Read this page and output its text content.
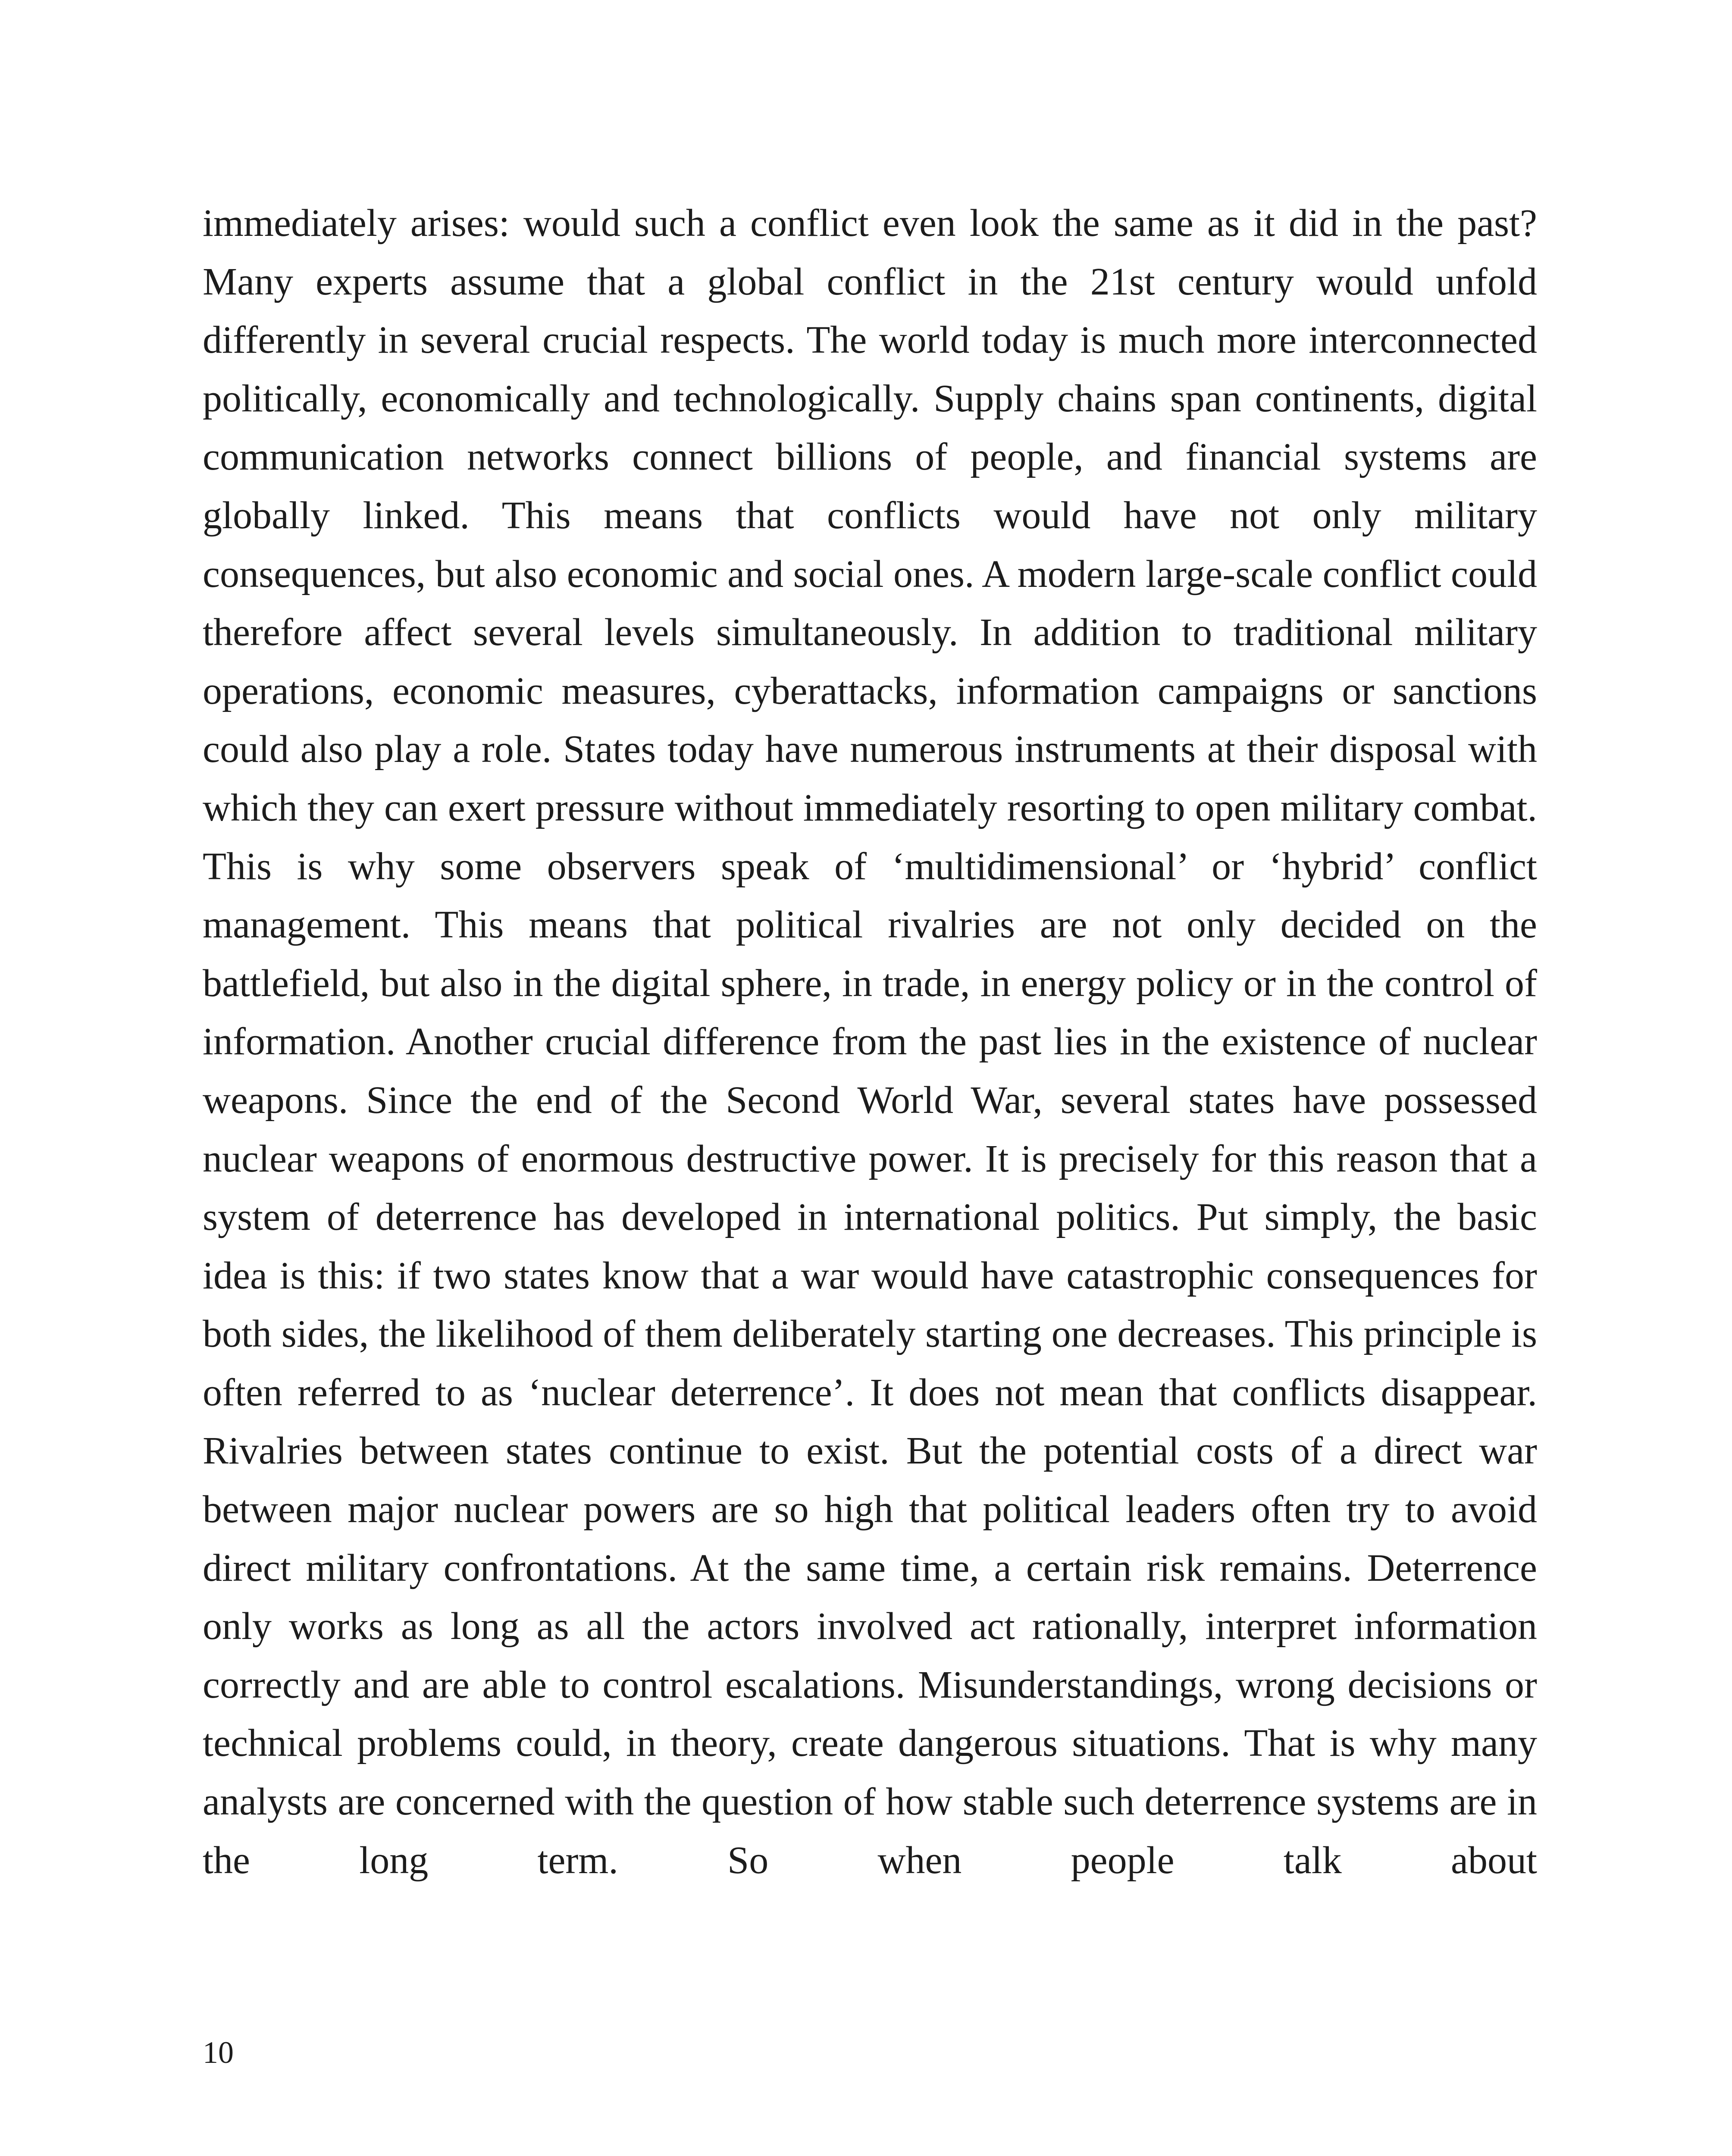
immediately arises: would such a conflict even look the same as it did in the past? Many experts assume that a global conflict in the 21st century would unfold differently in several crucial respects. The world today is much more interconnected politically, economically and technologically. Supply chains span continents, digital communication networks connect billions of people, and financial systems are globally linked. This means that conflicts would have not only military consequences, but also economic and social ones. A modern large-scale conflict could therefore affect several levels simultaneously. In addition to traditional military operations, economic measures, cyberattacks, information campaigns or sanctions could also play a role. States today have numerous instruments at their disposal with which they can exert pressure without immediately resorting to open military combat. This is why some observers speak of ‘multidimensional’ or ‘hybrid’ conflict management. This means that political rivalries are not only decided on the battlefield, but also in the digital sphere, in trade, in energy policy or in the control of information. Another crucial difference from the past lies in the existence of nuclear weapons. Since the end of the Second World War, several states have possessed nuclear weapons of enormous destructive power. It is precisely for this reason that a system of deterrence has developed in international politics. Put simply, the basic idea is this: if two states know that a war would have catastrophic consequences for both sides, the likelihood of them deliberately starting one decreases. This principle is often referred to as ‘nuclear deterrence’. It does not mean that conflicts disappear. Rivalries between states continue to exist. But the potential costs of a direct war between major nuclear powers are so high that political leaders often try to avoid direct military confrontations. At the same time, a certain risk remains. Deterrence only works as long as all the actors involved act rationally, interpret information correctly and are able to control escalations. Misunderstandings, wrong decisions or technical problems could, in theory, create dangerous situations. That is why many analysts are concerned with the question of how stable such deterrence systems are in the long term. So when people talk about

10
